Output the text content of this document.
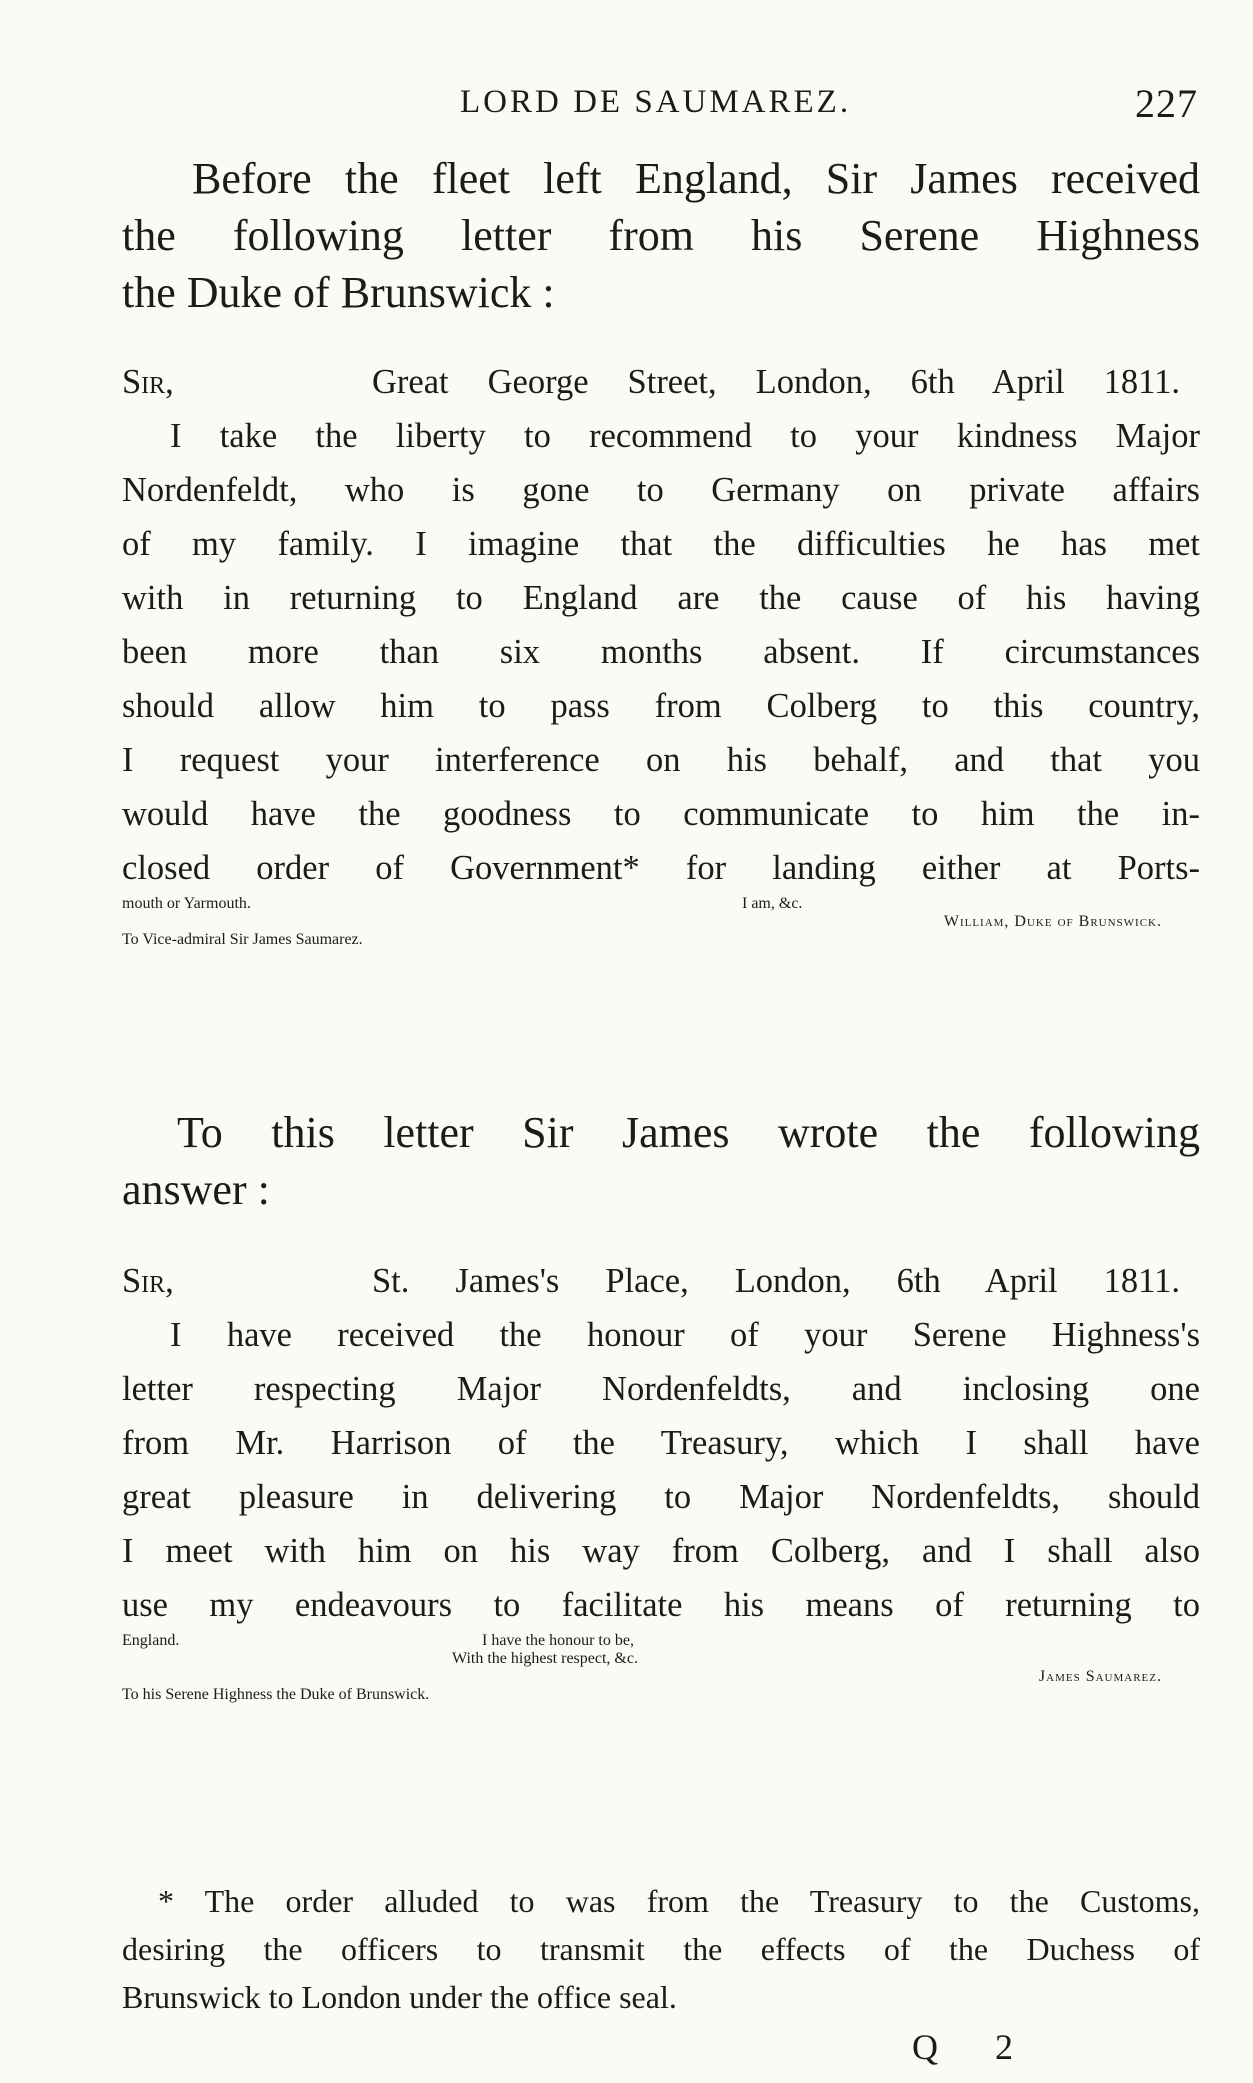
LORD DE SAUMAREZ.	227
Before the fleet left England, Sir James received
the following letter from his Serene Highness
the Duke of Brunswick :
Sir,	Great George Street, London, 6th April 1811.
I take the liberty to recommend to your kindness Major
Nordenfeldt, who is gone to Germany on private affairs
of my family. I imagine that the difficulties he has met
with in returning to England are the cause of his having
been more than six months absent. If circumstances
should allow him to pass from Colberg to this country,
I request your interference on his behalf, and that you
would have the goodness to communicate to him the in-
closed order of Government* for landing either at Ports-
mouth or Yarmouth.	I am, &c.
William, Duke of Brunswick.
To Vice-admiral Sir James Saumarez.
To this letter Sir James wrote the following
answer :
Sir,	St. James's Place, London, 6th April 1811.
I have received the honour of your Serene Highness's
letter respecting Major Nordenfeldts, and inclosing one
from Mr. Harrison of the Treasury, which I shall have
great pleasure in delivering to Major Nordenfeldts, should
I meet with him on his way from Colberg, and I shall also
use my endeavours to facilitate his means of returning to
England.	I have the honour to be,
With the highest respect, &c.
James Saumarez.
To his Serene Highness the Duke of Brunswick.
* The order alluded to was from the Treasury to the Customs,
desiring the officers to transmit the effects of the Duchess of
Brunswick to London under the office seal.
Q 2
